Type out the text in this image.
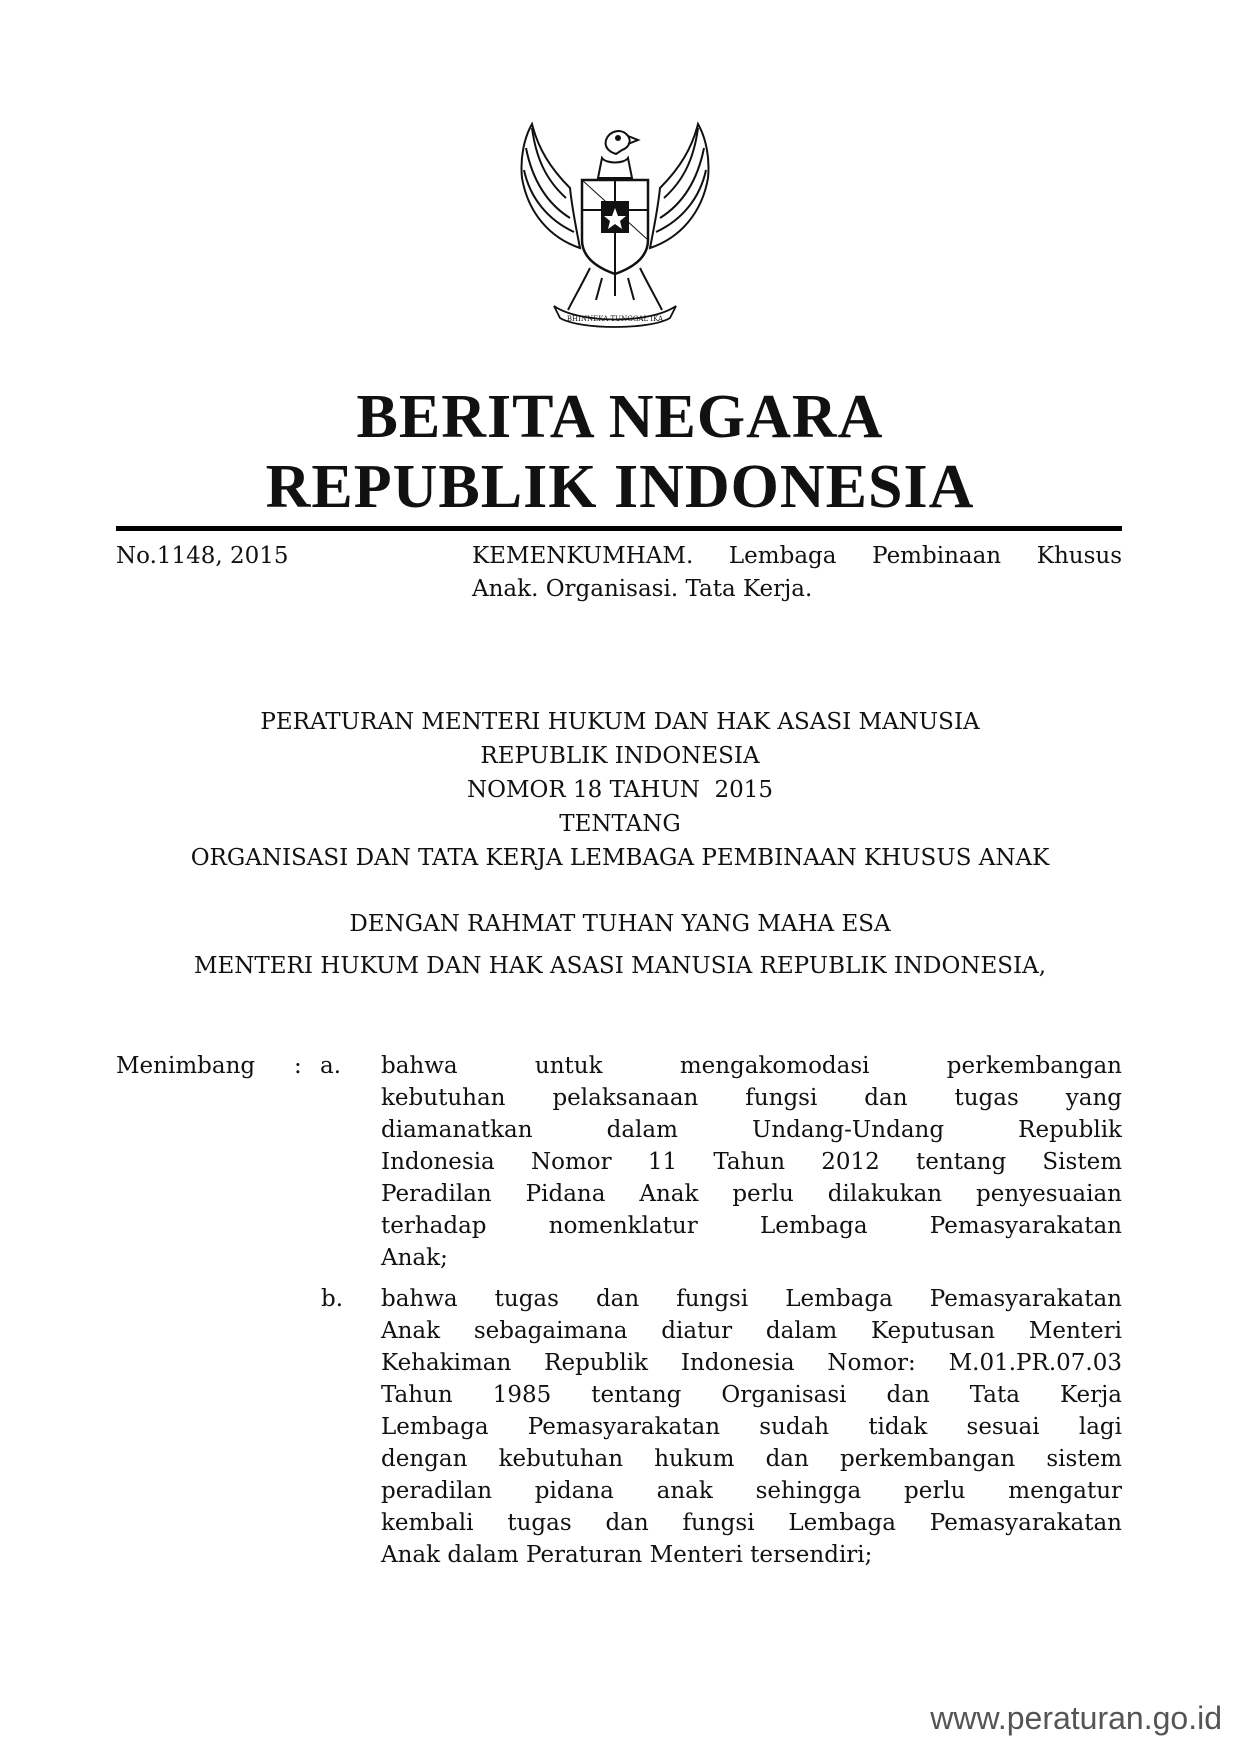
BHINNEKA TUNGGAL IKA
BERITA NEGARA
REPUBLIK INDONESIA
No.1148, 2015	KEMENKUMHAM. Lembaga Pembinaan Khusus
Anak. Organisasi. Tata Kerja.
PERATURAN MENTERI HUKUM DAN HAK ASASI MANUSIA
REPUBLIK INDONESIA
NOMOR 18 TAHUN  2015
TENTANG
ORGANISASI DAN TATA KERJA LEMBAGA PEMBINAAN KHUSUS ANAK
DENGAN RAHMAT TUHAN YANG MAHA ESA
MENTERI HUKUM DAN HAK ASASI MANUSIA REPUBLIK INDONESIA,
Menimbang : a. bahwa untuk mengakomodasi perkembangan
kebutuhan pelaksanaan fungsi dan tugas yang
diamanatkan dalam Undang-Undang Republik
Indonesia Nomor 11 Tahun 2012 tentang Sistem
Peradilan Pidana Anak perlu dilakukan penyesuaian
terhadap nomenklatur Lembaga Pemasyarakatan
Anak;
b. bahwa tugas dan fungsi Lembaga Pemasyarakatan
Anak sebagaimana diatur dalam Keputusan Menteri
Kehakiman Republik Indonesia Nomor: M.01.PR.07.03
Tahun 1985 tentang Organisasi dan Tata Kerja
Lembaga Pemasyarakatan sudah tidak sesuai lagi
dengan kebutuhan hukum dan perkembangan sistem
peradilan pidana anak sehingga perlu mengatur
kembali tugas dan fungsi Lembaga Pemasyarakatan
Anak dalam Peraturan Menteri tersendiri;
www.peraturan.go.id
